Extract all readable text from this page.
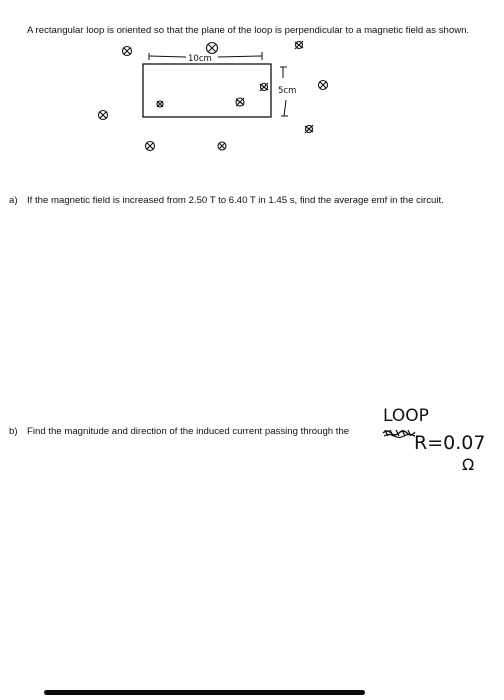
A rectangular loop is oriented so that the plane of the loop is perpendicular to a magnetic field as shown.

10cm
5cm
LOOP
R=0.07
Ω
a) If the magnetic field is increased from 2.50 T to 6.40 T in 1.45 s, find the average emf in the circuit.
b) Find the magnitude and direction of the induced current passing through the
